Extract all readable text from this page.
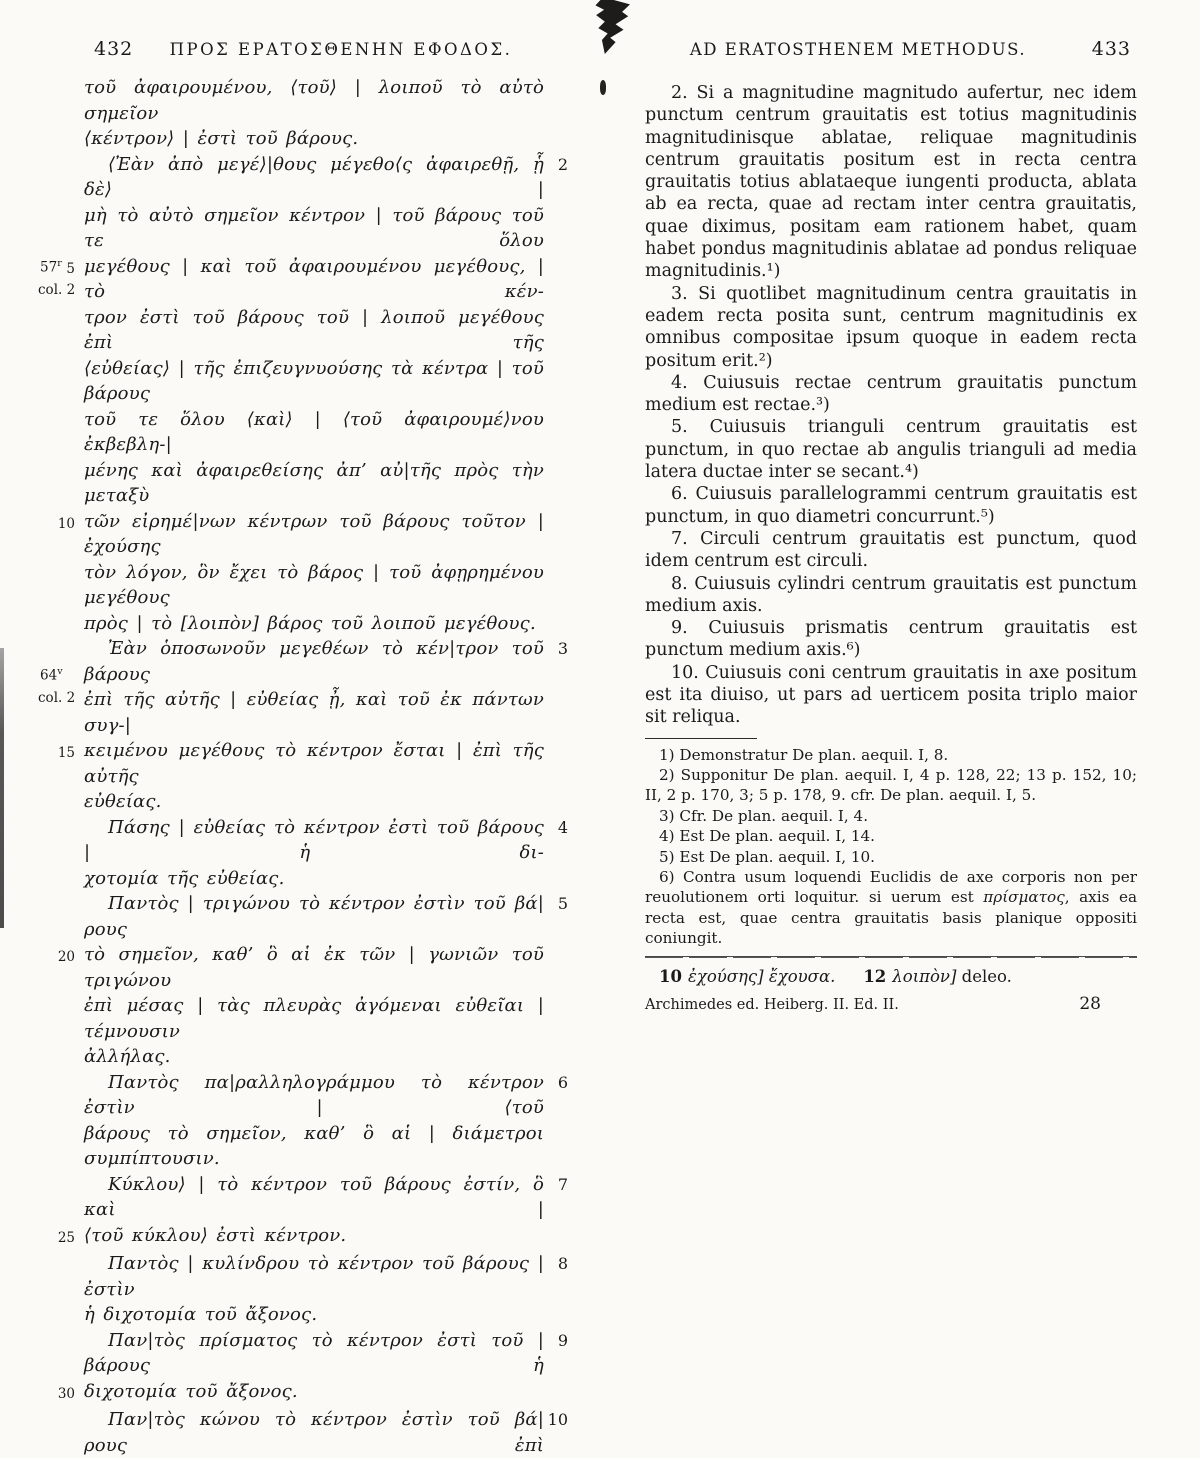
432	ΠΡΟΣ ΕΡΑΤΟΣΘΕΝΗΝ ΕΦΟΔΟΣ.
57$^r$
col. 2
64$^v$
col. 2
τοῦ ἀφαιρουμένου, ⟨τοῦ⟩ | λοιποῦ τὸ αὐτὸ σημεῖον
⟨κέντρον⟩ | ἐστὶ τοῦ βάρους.
⟨Ἐὰν ἀπὸ μεγέ⟩|θους μέγεθο⟨ς ἀφαιρεθῇ, ᾗ δὲ⟩ |
2
μὴ τὸ αὐτὸ σημεῖον κέντρον | τοῦ βάρους τοῦ τε ὅλου
5 μεγέθους | καὶ τοῦ ἀφαιρουμένου μεγέθους, | τὸ κέν-
τρον ἐστὶ τοῦ βάρους τοῦ | λοιποῦ μεγέθους ἐπὶ τῆς
⟨εὐθείας⟩ | τῆς ἐπιζευγνυούσης τὰ κέντρα | τοῦ βάρους
τοῦ τε ὅλου ⟨καὶ⟩ | ⟨τοῦ ἀφαιρουμέ⟩νου ἐκβεβλη-|
μένης καὶ ἀφαιρεθείσης ἀπ’ αὐ|τῆς πρὸς τὴν μεταξὺ
10 τῶν εἰρημέ|νων κέντρων τοῦ βάρους τοῦτον | ἐχούσης
τὸν λόγον, ὃν ἔχει τὸ βάρος | τοῦ ἀφῃρημένου μεγέθους
πρὸς | τὸ [λοιπὸν] βάρος τοῦ λοιποῦ μεγέθους.
Ἐὰν ὁποσωνοῦν μεγεθέων τὸ κέν|τρον τοῦ βάρους
3
ἐπὶ τῆς αὐτῆς | εὐθείας ᾖ, καὶ τοῦ ἐκ πάντων συγ-|
15 κειμένου μεγέθους τὸ κέντρον ἔσται | ἐπὶ τῆς αὐτῆς
εὐθείας.
Πάσης | εὐθείας τὸ κέντρον ἐστὶ τοῦ βάρους | ἡ δι-
4
χοτομία τῆς εὐθείας.
Παντὸς | τριγώνου τὸ κέντρον ἐστὶν τοῦ βά|ρους
5
20 τὸ σημεῖον, καθ’ ὃ αἱ ἐκ τῶν | γωνιῶν τοῦ τριγώνου
ἐπὶ μέσας | τὰς πλευρὰς ἀγόμεναι εὐθεῖαι | τέμνουσιν
ἀλλήλας.
Παντὸς πα|ραλληλογράμμου τὸ κέντρον ἐστὶν | ⟨τοῦ
6
βάρους τὸ σημεῖον, καθ’ ὃ αἱ | διάμετροι συμπίπτουσιν.
Κύκλου⟩ | τὸ κέντρον τοῦ βάρους ἐστίν, ὃ καὶ |
7
25 ⟨τοῦ κύκλου⟩ ἐστὶ κέντρον.
Παντὸς | κυλίνδρου τὸ κέντρον τοῦ βάρους | ἐστὶν
8
ἡ διχοτομία τοῦ ἄξονος.
Παν|τὸς πρίσματος τὸ κέντρον ἐστὶ τοῦ | βάρους ἡ
9
30 διχοτομία τοῦ ἄξονος.
Παν|τὸς κώνου τὸ κέντρον ἐστὶν τοῦ βά|ρους ἐπὶ
10
AD ERATOSTHENEM METHODUS.	433

2. Si a magnitudine magnitudo aufertur, nec idem punctum centrum grauitatis est totius magnitudinis magnitudinisque ablatae, reliquae magnitudinis centrum grauitatis positum est in recta centra grauitatis totius ablataeque iungenti producta, ablata ab ea recta, quae ad rectam inter centra grauitatis, quae diximus, positam eam rationem habet, quam habet pondus magnitudinis ablatae ad pondus reliquae magnitudinis.¹)

3. Si quotlibet magnitudinum centra grauitatis in eadem recta posita sunt, centrum magnitudinis ex omnibus compositae ipsum quoque in eadem recta positum erit.²)

4. Cuiusuis rectae centrum grauitatis punctum medium est rectae.³)

5. Cuiusuis trianguli centrum grauitatis est punctum, in quo rectae ab angulis trianguli ad media latera ductae inter se secant.⁴)

6. Cuiusuis parallelogrammi centrum grauitatis est punctum, in quo diametri concurrunt.⁵)

7. Circuli centrum grauitatis est punctum, quod idem centrum est circuli.

8. Cuiusuis cylindri centrum grauitatis est punctum medium axis.

9. Cuiusuis prismatis centrum grauitatis est punctum medium axis.⁶)

10. Cuiusuis coni centrum grauitatis in axe positum est ita diuiso, ut pars ad uerticem posita triplo maior sit reliqua.

1) Demonstratur De plan. aequil. I, 8.
2) Supponitur De plan. aequil. I, 4 p. 128, 22; 13 p. 152, 10; II, 2 p. 170, 3; 5 p. 178, 9. cfr. De plan. aequil. I, 5.
3) Cfr. De plan. aequil. I, 4.
4) Est De plan. aequil. I, 14.
5) Est De plan. aequil. I, 10.
6) Contra usum loquendi Euclidis de axe corporis non per reuolutionem orti loquitur. si uerum est πρίσματος, axis ea recta est, quae centra grauitatis basis planique oppositi coniungit.
10 ἐχούσης] ἔχουσα. 12 λοιπὸν] deleo.
Archimedes ed. Heiberg. II. Ed. II.	28
